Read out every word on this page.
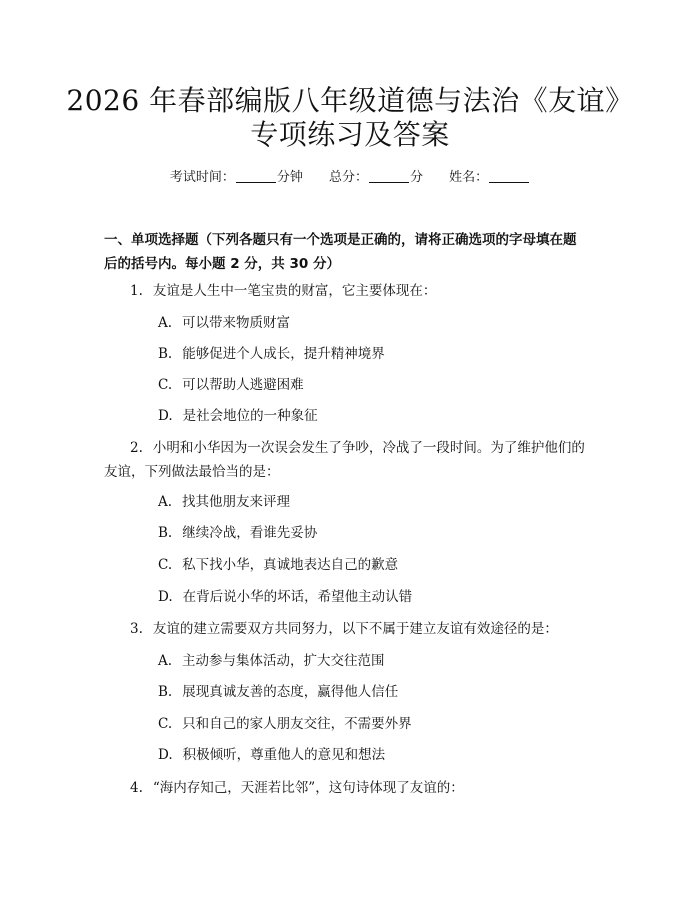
2026 年春部编版八年级道德与法治《友谊》
专项练习及答案
考试时间：	分钟 总分：	分 姓名：
一、单项选择题（下列各题只有一个选项是正确的，请将正确选项的字母填在题
后的括号内。每小题 2 分，共 30 分）
1. 友谊是人生中一笔宝贵的财富，它主要体现在：
A. 可以带来物质财富
B. 能够促进个人成长，提升精神境界
C. 可以帮助人逃避困难
D. 是社会地位的一种象征
2. 小明和小华因为一次误会发生了争吵，冷战了一段时间。为了维护他们的
友谊，下列做法最恰当的是：
A. 找其他朋友来评理
B. 继续冷战，看谁先妥协
C. 私下找小华，真诚地表达自己的歉意
D. 在背后说小华的坏话，希望他主动认错
3. 友谊的建立需要双方共同努力，以下不属于建立友谊有效途径的是：
A. 主动参与集体活动，扩大交往范围
B. 展现真诚友善的态度，赢得他人信任
C. 只和自己的家人朋友交往，不需要外界
D. 积极倾听，尊重他人的意见和想法
4. “海内存知己，天涯若比邻”，这句诗体现了友谊的：
